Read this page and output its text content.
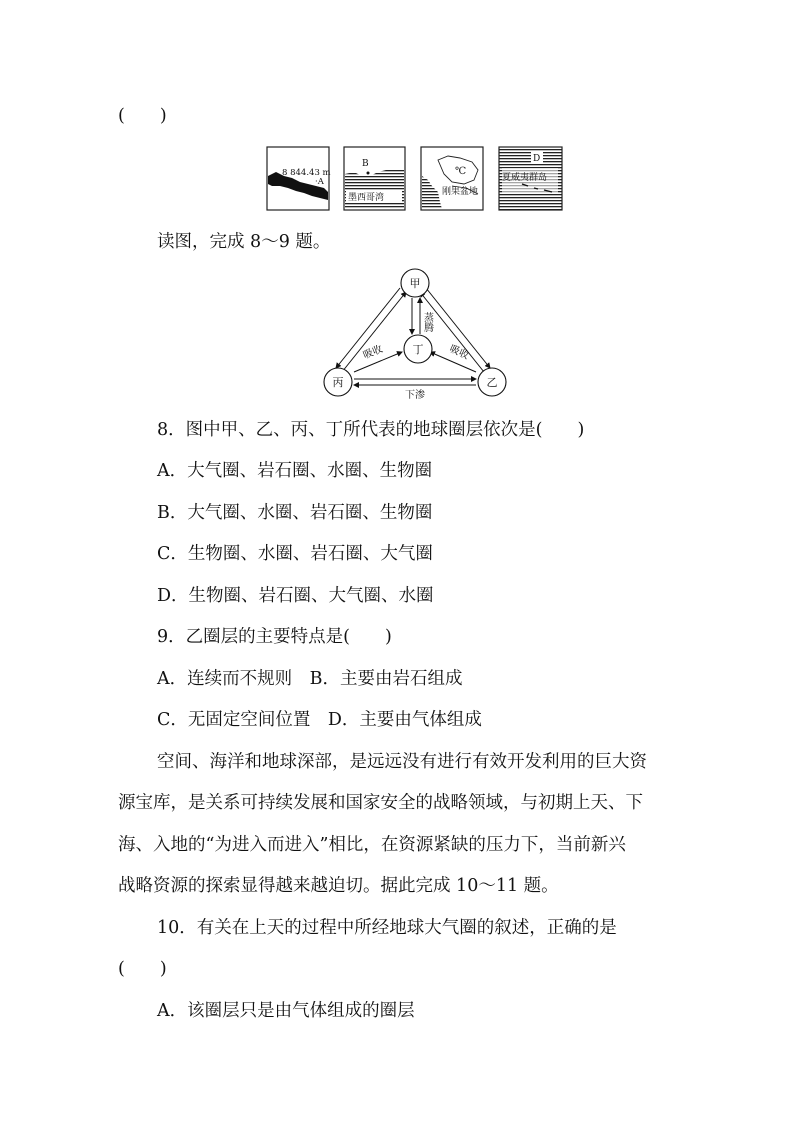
(　　)
8 844.43 m
·A
B
墨西哥湾
℃
刚果盆地
D
夏威夷群岛
读图，完成 8～9 题。
甲
丁
丙	乙
蒸腾
吸收	吸收
下渗
8．图中甲、乙、丙、丁所代表的地球圈层依次是(　　)
A．大气圈、岩石圈、水圈、生物圈
B．大气圈、水圈、岩石圈、生物圈
C．生物圈、水圈、岩石圈、大气圈
D．生物圈、岩石圈、大气圈、水圈
9．乙圈层的主要特点是(　　)
A．连续而不规则　B．主要由岩石组成
C．无固定空间位置　D．主要由气体组成
空间、海洋和地球深部，是远远没有进行有效开发利用的巨大资
源宝库，是关系可持续发展和国家安全的战略领域，与初期上天、下
海、入地的“为进入而进入”相比，在资源紧缺的压力下，当前新兴
战略资源的探索显得越来越迫切。据此完成 10～11 题。
10．有关在上天的过程中所经地球大气圈的叙述，正确的是
(　　)
A．该圈层只是由气体组成的圈层
